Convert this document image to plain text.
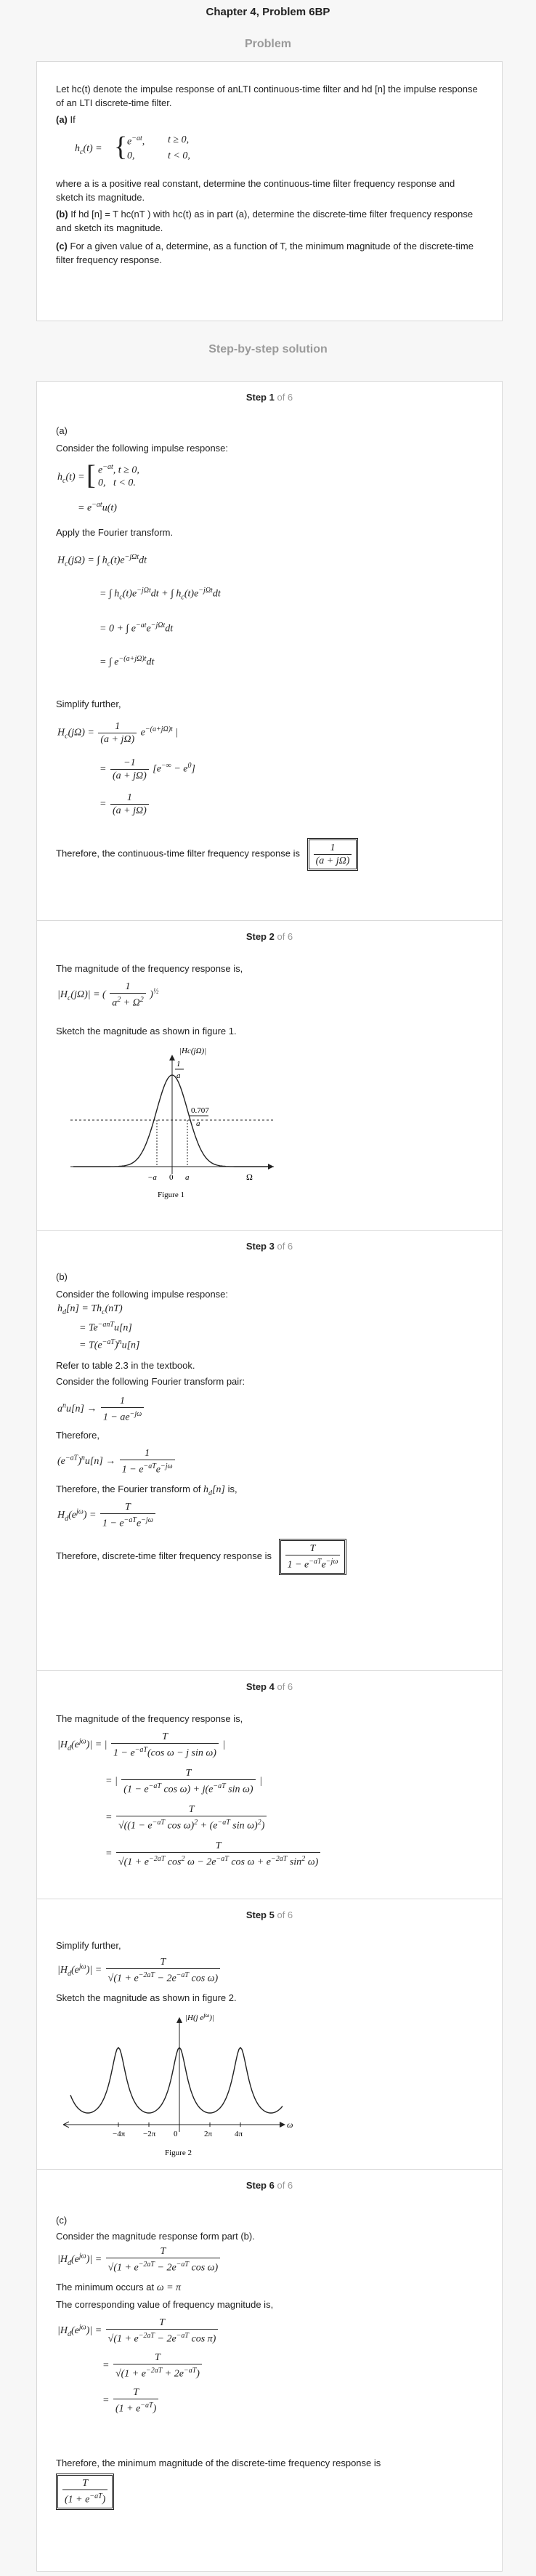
Chapter 4, Problem 6BP
Problem
Let hc(t) denote the impulse response of anLTI continuous-time filter and hd [n] the impulse response of an LTI discrete-time filter.
(a) If
$h_c(t)$ = { $e^{-at}$, t ≥ 0,
0,	t < 0,
where a is a positive real constant, determine the continuous-time filter frequency response and sketch its magnitude.
(b) If hd [n] = T hc(nT ) with hc(t) as in part (a), determine the discrete-time filter frequency response and sketch its magnitude.
(c) For a given value of a, determine, as a function of T, the minimum magnitude of the discrete-time filter frequency response.
Step-by-step solution
Step 1 of 6
(a)
Consider the following impulse response:
$h_c(t)$ = [ $e^{-at}$, t ≥ 0,
0,   t < 0.
= $e^{-at}u(t)$
Apply the Fourier transform.
$H_c(j\Omega)$ = ∫ $h_c(t)e^{-j\Omega t}dt$
= ∫ $h_c(t)e^{-j\Omega t}dt$ + ∫ $h_c(t)e^{-j\Omega t}dt$
= 0 + ∫ $e^{-at}e^{-j\Omega t}dt$
= ∫ $e^{-(a+j\Omega)t}dt$
Simplify further,
$H_c(j\Omega) = \frac{1}{(a + j\Omega)} e^{-(a+j\Omega)t}$ |
= $\frac{-1}{(a + j\Omega)} [e^{-\infty} - e^0]$
= $\frac{1}{(a + j\Omega)}$
Therefore, the continuous-time filter frequency response is $\frac{1}{(a + j\Omega)}$
Step 2 of 6
The magnitude of the frequency response is,
$|H_c(j\Omega)|$ = ( $\frac{1}{a^2 + \Omega^2} )^{\frac{1}{2}}$
Sketch the magnitude as shown in figure 1.
|Hс(jΩ)|
1
a
0.707
a
−a 0 a	Ω
Figure 1
Step 3 of 6
(b)
Consider the following impulse response:
$h_d[n] = Th_c(nT)$
= $Te^{-anT}u[n]$
= $T(e^{-aT})^nu[n]$
Refer to table 2.3 in the textbook.
Consider the following Fourier transform pair:
$a^nu[n] \to \frac{1}{1 - ae^{-j\omega}}$
Therefore,
$(e^{-aT})^nu[n] \to \frac{1}{1 - e^{-aT}e^{-j\omega}}$
Therefore, the Fourier transform of $h_d[n]$ is,
$H_d(e^{j\omega}) = \frac{T}{1 - e^{-aT}e^{-j\omega}}$
Therefore, discrete-time filter frequency response is $\frac{T}{1 - e^{-aT}e^{-j\omega}}$
Step 4 of 6
The magnitude of the frequency response is,
$|H_d(e^{j\omega})|$ = | $\frac{T}{1 - e^{-aT}(\cos \omega - j \sin \omega)}$ |
= | $\frac{T}{(1 - e^{-aT} \cos \omega) + j(e^{-aT} \sin \omega)}$ |
= $\frac{T}{√((1 - e^{-aT} \cos \omega)^2 + (e^{-aT} \sin \omega)^2)}$
= $\frac{T}{√(1 + e^{-2aT} \cos^2 \omega - 2e^{-aT} \cos \omega + e^{-2aT} \sin^2 \omega)}$
Step 5 of 6
Simplify further,
$|H_d(e^{j\omega})| = \frac{T}{√(1 + e^{-2aT} - 2e^{-aT} \cos \omega)}$
Sketch the magnitude as shown in figure 2.
|H(j $e^{j\omega})|$
−4π −2π 0	2π	4π
ω
Figure 2
Step 6 of 6
(c)
Consider the magnitude response form part (b).
$|H_d(e^{j\omega})| = \frac{T}{√(1 + e^{-2aT} - 2e^{-aT} \cos \omega)}$
The minimum occurs at ω = π
The corresponding value of frequency magnitude is,
$|H_d(e^{j\omega})| = \frac{T}{√(1 + e^{-2aT} - 2e^{-aT} \cos \pi)}$
= $\frac{T}{√(1 + e^{-2aT} + 2e^{-aT})}$
= $\frac{T}{(1 + e^{-aT})}$
Therefore, the minimum magnitude of the discrete-time frequency response is
$\frac{T}{(1 + e^{-aT})}$
